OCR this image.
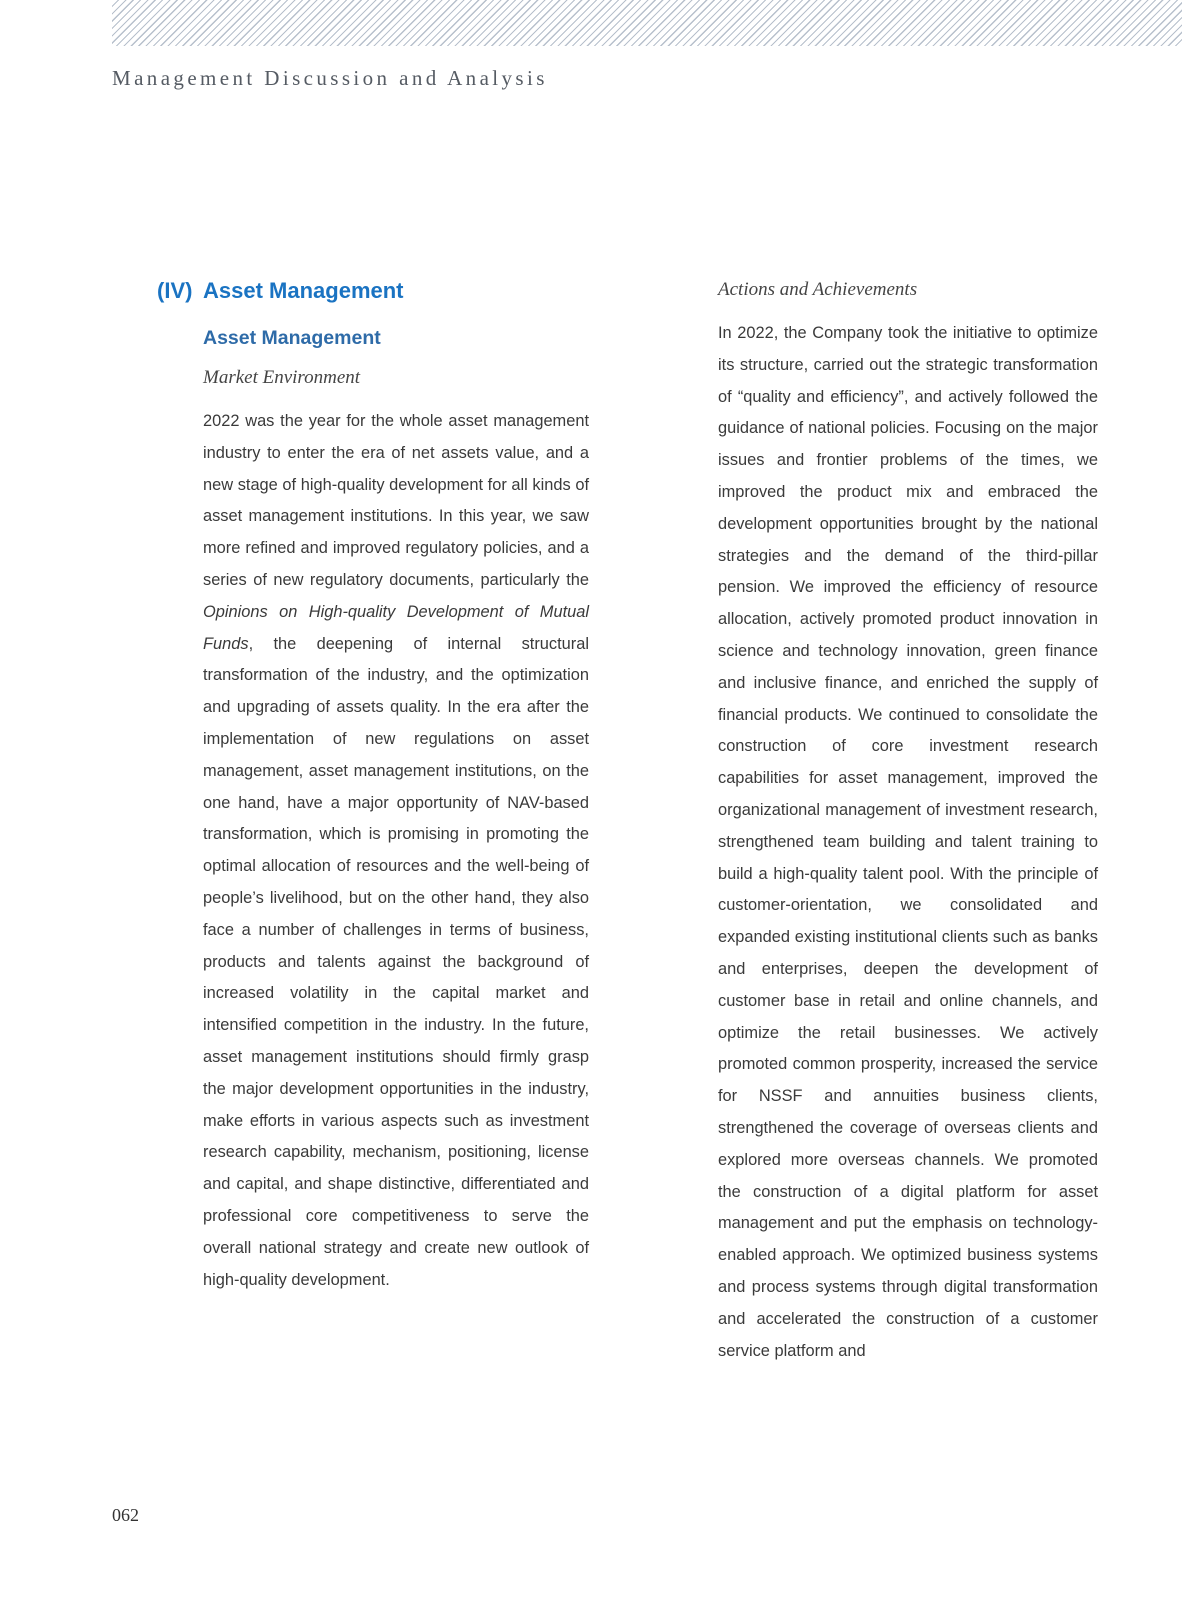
Management Discussion and Analysis
(IV) Asset Management
Asset Management
Market Environment

2022 was the year for the whole asset management industry to enter the era of net assets value, and a new stage of high-quality development for all kinds of asset management institutions. In this year, we saw more refined and improved regulatory policies, and a series of new regulatory documents, particularly the Opinions on High-quality Development of Mutual Funds, the deepening of internal structural transformation of the industry, and the optimization and upgrading of assets quality. In the era after the implementation of new regulations on asset management, asset management institutions, on the one hand, have a major opportunity of NAV-based transformation, which is promising in promoting the optimal allocation of resources and the well-being of people’s livelihood, but on the other hand, they also face a number of challenges in terms of business, products and talents against the background of increased volatility in the capital market and intensified competition in the industry. In the future, asset management institutions should firmly grasp the major development opportunities in the industry, make efforts in various aspects such as investment research capability, mechanism, positioning, license and capital, and shape distinctive, differentiated and professional core competitiveness to serve the overall national strategy and create new outlook of high-quality development.

Actions and Achievements

In 2022, the Company took the initiative to optimize its structure, carried out the strategic transformation of “quality and efficiency”, and actively followed the guidance of national policies. Focusing on the major issues and frontier problems of the times, we improved the product mix and embraced the development opportunities brought by the national strategies and the demand of the third-pillar pension. We improved the efficiency of resource allocation, actively promoted product innovation in science and technology innovation, green finance and inclusive finance, and enriched the supply of financial products. We continued to consolidate the construction of core investment research capabilities for asset management, improved the organizational management of investment research, strengthened team building and talent training to build a high-quality talent pool. With the principle of customer-orientation, we consolidated and expanded existing institutional clients such as banks and enterprises, deepen the development of customer base in retail and online channels, and optimize the retail businesses. We actively promoted common prosperity, increased the service for NSSF and annuities business clients, strengthened the coverage of overseas clients and explored more overseas channels. We promoted the construction of a digital platform for asset management and put the emphasis on technology-enabled approach. We optimized business systems and process systems through digital transformation and accelerated the construction of a customer service platform and

062
